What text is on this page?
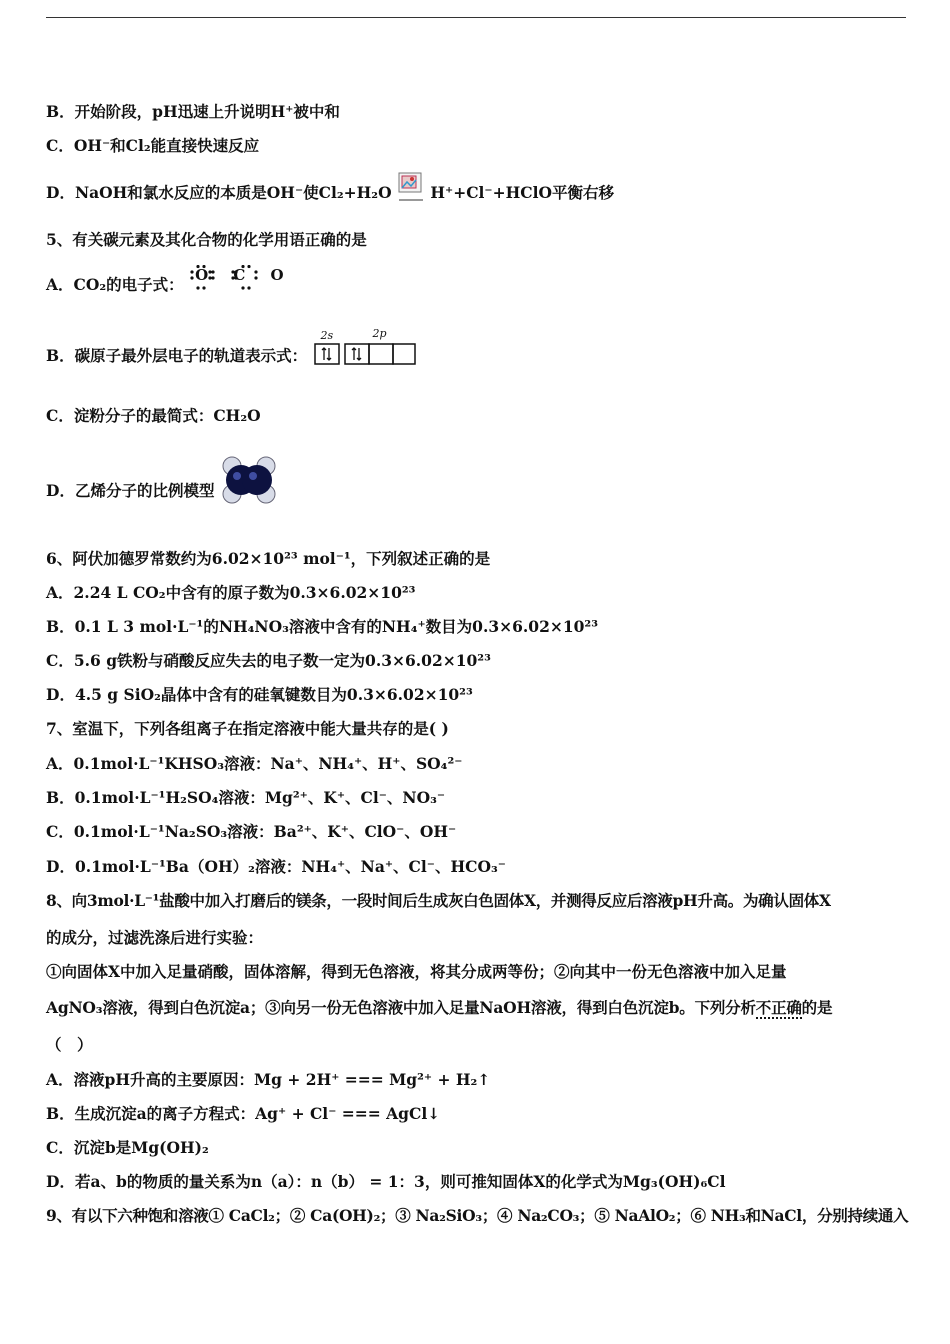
B．开始阶段，pH迅速上升说明H⁺被中和
C．OH⁻和Cl₂能直接快速反应
D．NaOH和氯水反应的本质是OH⁻使Cl₂+H₂O	H⁺+Cl⁻+HClO平衡右移
5、有关碳元素及其化合物的化学用语正确的是
A．CO₂的电子式： O C O
B．碳原子最外层电子的轨道表示式：
2s	2p
C．淀粉分子的最简式：CH₂O
D．乙烯分子的比例模型
6、阿伏加德罗常数约为6.02×10²³ mol⁻¹，下列叙述正确的是
A．2.24 L CO₂中含有的原子数为0.3×6.02×10²³
B．0.1 L 3 mol·L⁻¹的NH₄NO₃溶液中含有的NH₄⁺数目为0.3×6.02×10²³
C．5.6 g铁粉与硝酸反应失去的电子数一定为0.3×6.02×10²³
D．4.5 g SiO₂晶体中含有的硅氧键数目为0.3×6.02×10²³
7、室温下，下列各组离子在指定溶液中能大量共存的是( )
A．0.1mol·L⁻¹KHSO₃溶液：Na⁺、NH₄⁺、H⁺、SO₄²⁻
B．0.1mol·L⁻¹H₂SO₄溶液：Mg²⁺、K⁺、Cl⁻、NO₃⁻
C．0.1mol·L⁻¹Na₂SO₃溶液：Ba²⁺、K⁺、ClO⁻、OH⁻
D．0.1mol·L⁻¹Ba（OH）₂溶液：NH₄⁺、Na⁺、Cl⁻、HCO₃⁻
8、向3mol·L⁻¹盐酸中加入打磨后的镁条，一段时间后生成灰白色固体X，并测得反应后溶液pH升高。为确认固体X
的成分，过滤洗涤后进行实验：
①向固体X中加入足量硝酸，固体溶解，得到无色溶液，将其分成两等份；②向其中一份无色溶液中加入足量
AgNO₃溶液，得到白色沉淀a；③向另一份无色溶液中加入足量NaOH溶液，得到白色沉淀b。下列分析不正确的是
（　）
A．溶液pH升高的主要原因：Mg + 2H⁺ === Mg²⁺ + H₂↑
B．生成沉淀a的离子方程式：Ag⁺ + Cl⁻ === AgCl↓
C．沉淀b是Mg(OH)₂
D．若a、b的物质的量关系为n（a）：n（b） = 1：3，则可推知固体X的化学式为Mg₃(OH)₆Cl
9、有以下六种饱和溶液① CaCl₂；② Ca(OH)₂；③ Na₂SiO₃；④ Na₂CO₃；⑤ NaAlO₂；⑥ NH₃和NaCl，分别持续通入
